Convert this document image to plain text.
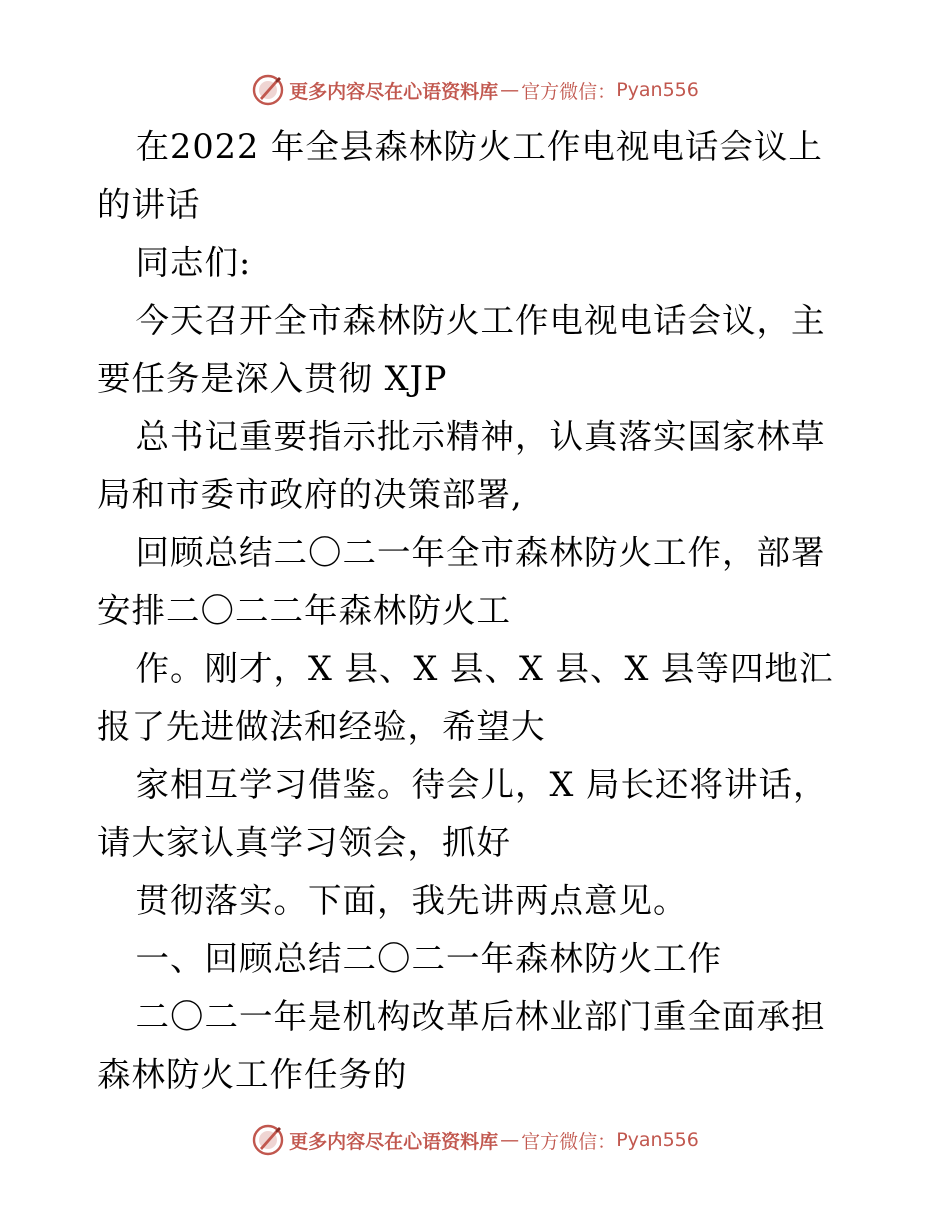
更多内容尽在心语资料库 — 官方微信： Pyan556

在2022 年全县森林防火工作电视电话会议上的讲话

同志们:

今天召开全市森林防火工作电视电话会议，主要任务是深入贯彻 XJP

总书记重要指示批示精神，认真落实国家林草局和市委市政府的决策部署,

回顾总结二〇二一年全市森林防火工作，部署安排二〇二二年森林防火工

作。刚才，X 县、X 县、X 县、X 县等四地汇报了先进做法和经验，希望大

家相互学习借鉴。待会儿，X 局长还将讲话，请大家认真学习领会，抓好

贯彻落实。下面，我先讲两点意见。

一、回顾总结二〇二一年森林防火工作

二〇二一年是机构改革后林业部门重全面承担森林防火工作任务的

更多内容尽在心语资料库 — 官方微信： Pyan556
